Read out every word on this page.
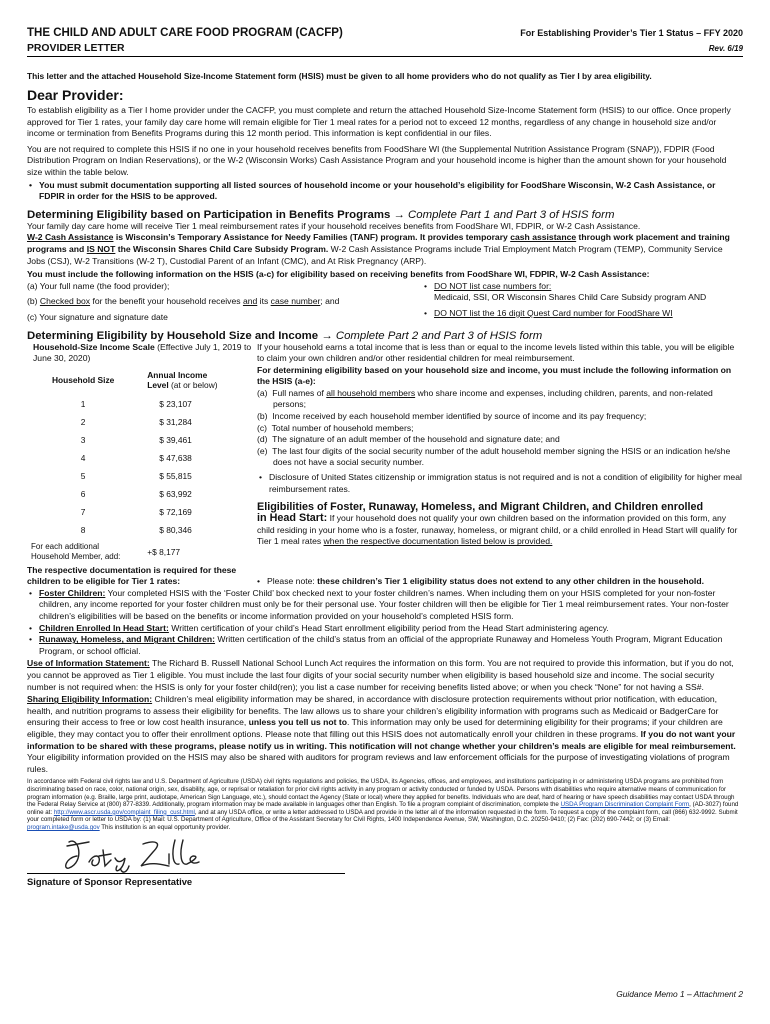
THE CHILD AND ADULT CARE FOOD PROGRAM (CACFP)	For Establishing Provider’s Tier 1 Status – FFY 2020
PROVIDER LETTER	Rev. 6/19

This letter and the attached Household Size-Income Statement form (HSIS) must be given to all home providers who do not qualify as Tier I by area eligibility.

Dear Provider:

To establish eligibility as a Tier I home provider under the CACFP, you must complete and return the attached Household Size-Income Statement form (HSIS) to our office. Once properly approved for Tier 1 rates, your family day care home will remain eligible for Tier 1 meal rates for a period not to exceed 12 months, regardless of any change in household size and/or income or termination from Benefits Programs during this 12 month period. This information is kept confidential in our files.

You are not required to complete this HSIS if no one in your household receives benefits from FoodShare WI (the Supplemental Nutrition Assistance Program (SNAP)), FDPIR (Food Distribution Program on Indian Reservations), or the W-2 (Wisconsin Works) Cash Assistance Program and your household income is higher than the amount shown for your household size within the table below.

• You must submit documentation supporting all listed sources of household income or your household’s eligibility for FoodShare Wisconsin, W-2 Cash Assistance, or FDPIR in order for the HSIS to be approved.

Determining Eligibility based on Participation in Benefits Programs → Complete Part 1 and Part 3 of HSIS form

Your family day care home will receive Tier 1 meal reimbursement rates if your household receives benefits from FoodShare WI, FDPIR, or W-2 Cash Assistance.

W-2 Cash Assistance is Wisconsin’s Temporary Assistance for Needy Families (TANF) program. It provides temporary cash assistance through work placement and training programs and IS NOT the Wisconsin Shares Child Care Subsidy Program. W-2 Cash Assistance Programs include Trial Employment Match Program (TEMP), Community Service Jobs (CSJ), W-2 Transitions (W-2 T), Custodial Parent of an Infant (CMC), and At Risk Pregnancy (ARP).

You must include the following information on the HSIS (a-c) for eligibility based on receiving benefits from FoodShare WI, FDPIR, W-2 Cash Assistance:

(a) Your full name (the food provider);

(b) Checked box for the benefit your household receives and its case number; and

(c) Your signature and signature date

• DO NOT list case numbers for:

Medicaid, SSI, OR Wisconsin Shares Child Care Subsidy program AND

• DO NOT list the 16 digit Quest Card number for FoodShare WI

Determining Eligibility by Household Size and Income → Complete Part 2 and Part 3 of HSIS form

Household-Size Income Scale (Effective July 1, 2019 to June 30, 2020)

Household Size	Annual Income
Level (at or below)
1	$ 23,107
2	$ 31,284
3	$ 39,461
4	$ 47,638
5	$ 55,815
6	$ 63,992
7	$ 72,169
8	$ 80,346
For each additional Household Member, add:	+$ 8,177

If your household earns a total income that is less than or equal to the income levels listed within this table, you will be eligible to claim your own children and/or other residential children for meal reimbursement.

For determining eligibility based on your household size and income, you must include the following information on the HSIS (a-e):

(a)  Full names of all household members who share income and expenses, including children, parents, and non-related persons;

(b)  Income received by each household member identified by source of income and its pay frequency;

(c)  Total number of household members;

(d)  The signature of an adult member of the household and signature date; and

(e)  The last four digits of the social security number of the adult household member signing the HSIS or an indication he/she does not have a social security number.

• Disclosure of United States citizenship or immigration status is not required and is not a condition of eligibility for higher meal reimbursement rates.

Eligibilities of Foster, Runaway, Homeless, and Migrant Children, and Children enrolled

in Head Start: If your household does not qualify your own children based on the information provided on this form, any child residing in your home who is a foster, runaway, homeless, or migrant child, or a child enrolled in Head Start will qualify for Tier 1 meal rates when the respective documentation listed below is provided.

The respective documentation is required for these children to be eligible for Tier 1 rates:	• Please note: these children’s Tier 1 eligibility status does not extend to any other children in the household.

• Foster Children: Your completed HSIS with the ‘Foster Child’ box checked next to your foster children’s names. When including them on your HSIS completed for your non-foster children, any income reported for your foster children must only be for their personal use. Your foster children will then be eligible for Tier 1 meal reimbursement rates. Your non-foster children’s eligibilities will be based on the benefits or income information provided on your household’s completed HSIS form.

• Children Enrolled In Head Start: Written certification of your child’s Head Start enrollment eligibility period from the Head Start administering agency.

• Runaway, Homeless, and Migrant Children: Written certification of the child’s status from an official of the appropriate Runaway and Homeless Youth Program, Migrant Education Program, or school official.

Use of Information Statement: The Richard B. Russell National School Lunch Act requires the information on this form. You are not required to provide this information, but if you do not, you cannot be approved as Tier 1 eligible. You must include the last four digits of your social security number when eligibility is based household size and income. The social security number is not required when: the HSIS is only for your foster child(ren); you list a case number for receiving benefits listed above; or when you check “None” for not having a SS#.

Sharing Eligibility Information: Children’s meal eligibility information may be shared, in accordance with disclosure protection requirements without prior notification, with education, health, and nutrition programs to assess their eligibility for benefits. The law allows us to share your children’s eligibility information with programs such as Medicaid or BadgerCare for ensuring their access to free or low cost health insurance, unless you tell us not to. This information may only be used for determining eligibility for their programs; if your children are eligible, they may contact you to offer their enrollment options. Please note that filling out this HSIS does not automatically enroll your children in these programs. If you do not want your information to be shared with these programs, please notify us in writing. This notification will not change whether your children’s meals are eligible for meal reimbursement. Your eligibility information provided on the HSIS may also be shared with auditors for program reviews and law enforcement officials for the purpose of investigating violations of program rules.

In accordance with Federal civil rights law and U.S. Department of Agriculture (USDA) civil rights regulations and policies, the USDA, its Agencies, offices, and employees, and institutions participating in or administering USDA programs are prohibited from discriminating based on race, color, national origin, sex, disability, age, or reprisal or retaliation for prior civil rights activity in any program or activity conducted or funded by USDA. Persons with disabilities who require alternative means of communication for program information (e.g. Braille, large print, audiotape, American Sign Language, etc.), should contact the Agency (State or local) where they applied for benefits. Individuals who are deaf, hard of hearing or have speech disabilities may contact USDA through the Federal Relay Service at (800) 877-8339. Additionally, program information may be made available in languages other than English. To file a program complaint of discrimination, complete the USDA Program Discrimination Complaint Form, (AD-3027) found online at: http://www.ascr.usda.gov/complaint_filing_cust.html, and at any USDA office, or write a letter addressed to USDA and provide in the letter all of the information requested in the form. To request a copy of the complaint form, call (866) 632-9992. Submit your completed form or letter to USDA by: (1) Mail: U.S. Department of Agriculture, Office of the Assistant Secretary for Civil Rights, 1400 Independence Avenue, SW, Washington, D.C. 20250-9410; (2) Fax: (202) 690-7442; or (3) Email: program.intake@usda.gov This institution is an equal opportunity provider.

Signature of Sponsor Representative

Guidance Memo 1 – Attachment 2
